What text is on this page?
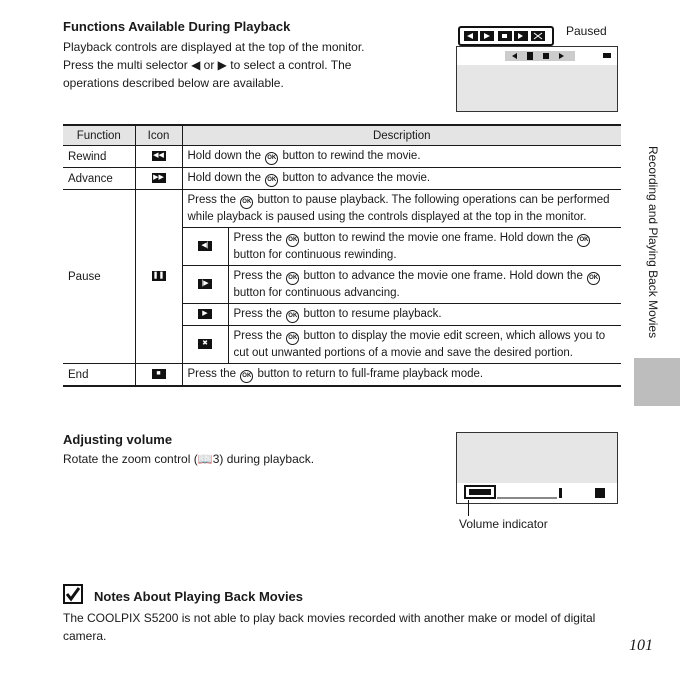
Functions Available During Playback
Playback controls are displayed at the top of the monitor.
Press the multi selector ◀ or ▶ to select a control. The
operations described below are available.
Paused
Function	Icon	Description	
Rewind	◀◀	Hold down the OK button to rewind the movie.	
Advance	▶▶	Hold down the OK button to advance the movie.	
Pause	❚❚	Press the OK button to pause playback. The following operations can be performed while playback is paused using the controls displayed at the top in the monitor.	
		◀|	Press the OK button to rewind the movie one frame. Hold down the OK button for continuous rewinding.
		|▶	Press the OK button to advance the movie one frame. Hold down the OK button for continuous advancing.
		▶	Press the OK button to resume playback.
		✖	Press the OK button to display the movie edit screen, which allows you to cut out unwanted portions of a movie and save the desired portion.
End	■	Press the OK button to return to full-frame playback mode.	
Recording and Playing Back Movies
Adjusting volume
Rotate the zoom control (📖3) during playback.
Volume indicator
Notes About Playing Back Movies
The COOLPIX S5200 is not able to play back movies recorded with another make or model of digital camera.
101
